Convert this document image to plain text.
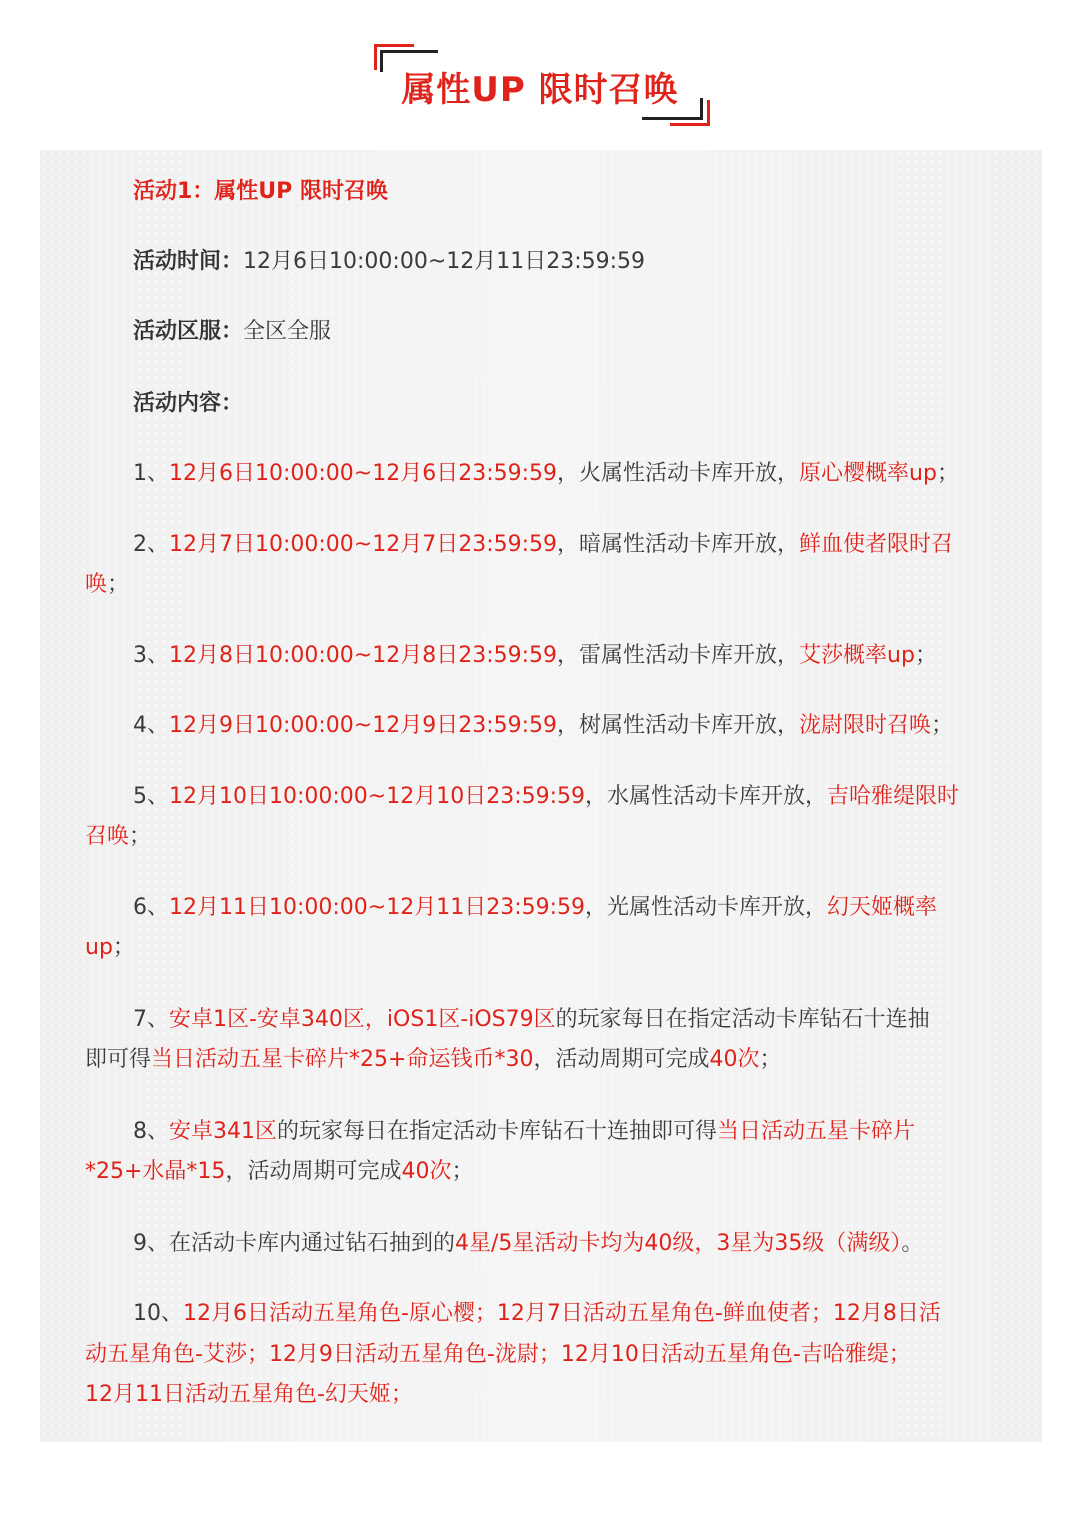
属性UP 限时召唤
活动1：属性UP 限时召唤
活动时间：12月6日10:00:00~12月11日23:59:59
活动区服：全区全服
活动内容：
1、12月6日10:00:00~12月6日23:59:59，火属性活动卡库开放，原心樱概率up；
2、12月7日10:00:00~12月7日23:59:59，暗属性活动卡库开放，鲜血使者限时召
唤；
3、12月8日10:00:00~12月8日23:59:59，雷属性活动卡库开放，艾莎概率up；
4、12月9日10:00:00~12月9日23:59:59，树属性活动卡库开放，泷尉限时召唤；
5、12月10日10:00:00~12月10日23:59:59，水属性活动卡库开放，吉哈雅缇限时
召唤；
6、12月11日10:00:00~12月11日23:59:59，光属性活动卡库开放，幻天姬概率
up；
7、安卓1区-安卓340区，iOS1区-iOS79区的玩家每日在指定活动卡库钻石十连抽
即可得当日活动五星卡碎片*25+命运钱币*30，活动周期可完成40次；
8、安卓341区的玩家每日在指定活动卡库钻石十连抽即可得当日活动五星卡碎片
*25+水晶*15，活动周期可完成40次；
9、在活动卡库内通过钻石抽到的4星/5星活动卡均为40级，3星为35级（满级）。
10、12月6日活动五星角色-原心樱；12月7日活动五星角色-鲜血使者；12月8日活
动五星角色-艾莎；12月9日活动五星角色-泷尉；12月10日活动五星角色-吉哈雅缇；
12月11日活动五星角色-幻天姬；
